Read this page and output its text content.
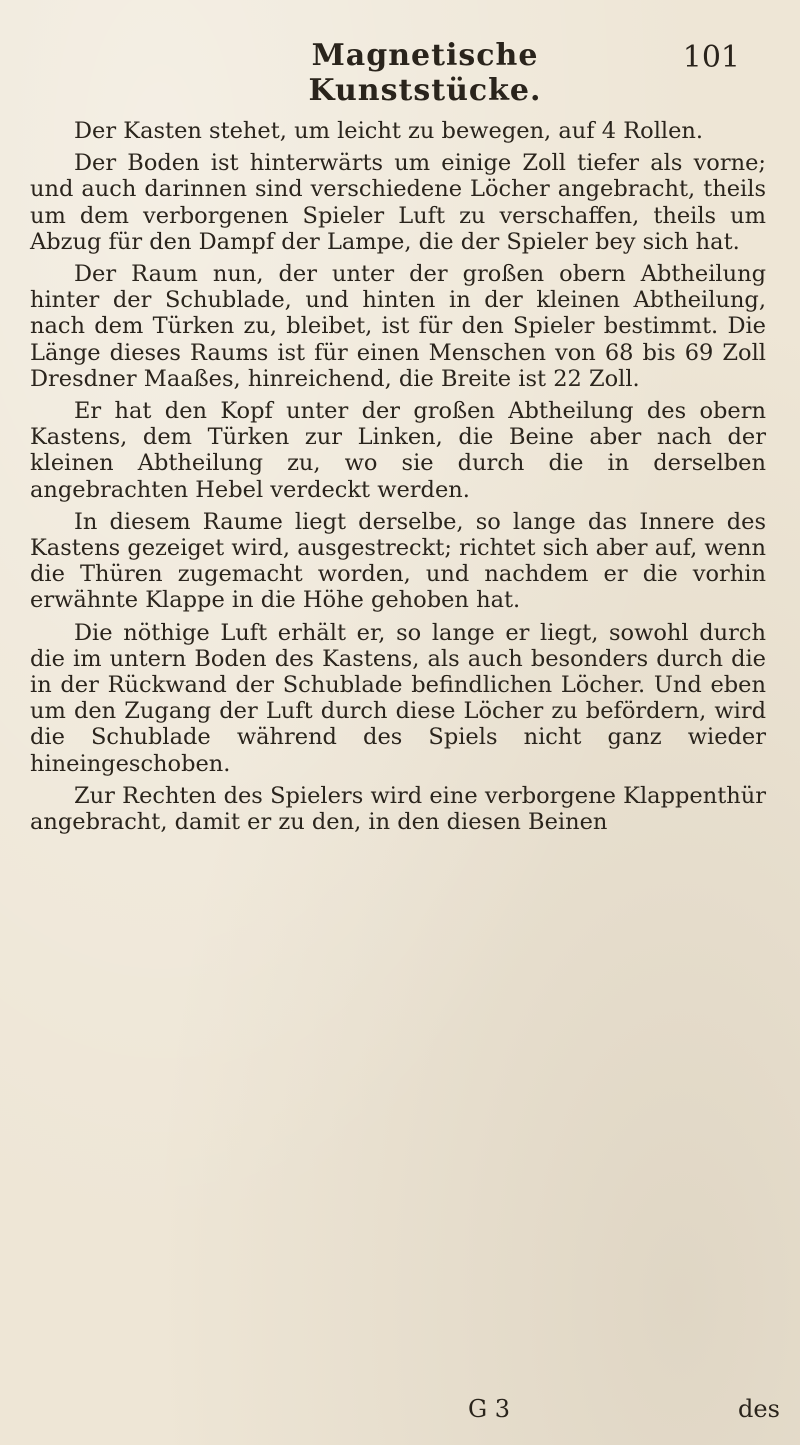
Magnetische Kunststücke.
101

Der Kasten stehet, um leicht zu bewegen, auf 4 Rollen.

Der Boden ist hinterwärts um einige Zoll tiefer als vorne; und auch darinnen sind verschiedene Löcher angebracht, theils um dem verborgenen Spieler Luft zu verschaffen, theils um Abzug für den Dampf der Lampe, die der Spieler bey sich hat.

Der Raum nun, der unter der großen obern Abtheilung hinter der Schublade, und hinten in der kleinen Abtheilung, nach dem Türken zu, bleibet, ist für den Spieler bestimmt. Die Länge dieses Raums ist für einen Menschen von 68 bis 69 Zoll Dresdner Maaßes, hinreichend, die Breite ist 22 Zoll.

Er hat den Kopf unter der großen Abtheilung des obern Kastens, dem Türken zur Linken, die Beine aber nach der kleinen Abtheilung zu, wo sie durch die in derselben angebrachten Hebel verdeckt werden.

In diesem Raume liegt derselbe, so lange das Innere des Kastens gezeiget wird, ausgestreckt; richtet sich aber auf, wenn die Thüren zugemacht worden, und nachdem er die vorhin erwähnte Klappe in die Höhe gehoben hat.

Die nöthige Luft erhält er, so lange er liegt, sowohl durch die im untern Boden des Kastens, als auch besonders durch die in der Rückwand der Schublade befindlichen Löcher. Und eben um den Zugang der Luft durch diese Löcher zu befördern, wird die Schublade während des Spiels nicht ganz wieder hineingeschoben.

Zur Rechten des Spielers wird eine verborgene Klappenthür angebracht, damit er zu den, in den diesen Beinen

G 3	des
